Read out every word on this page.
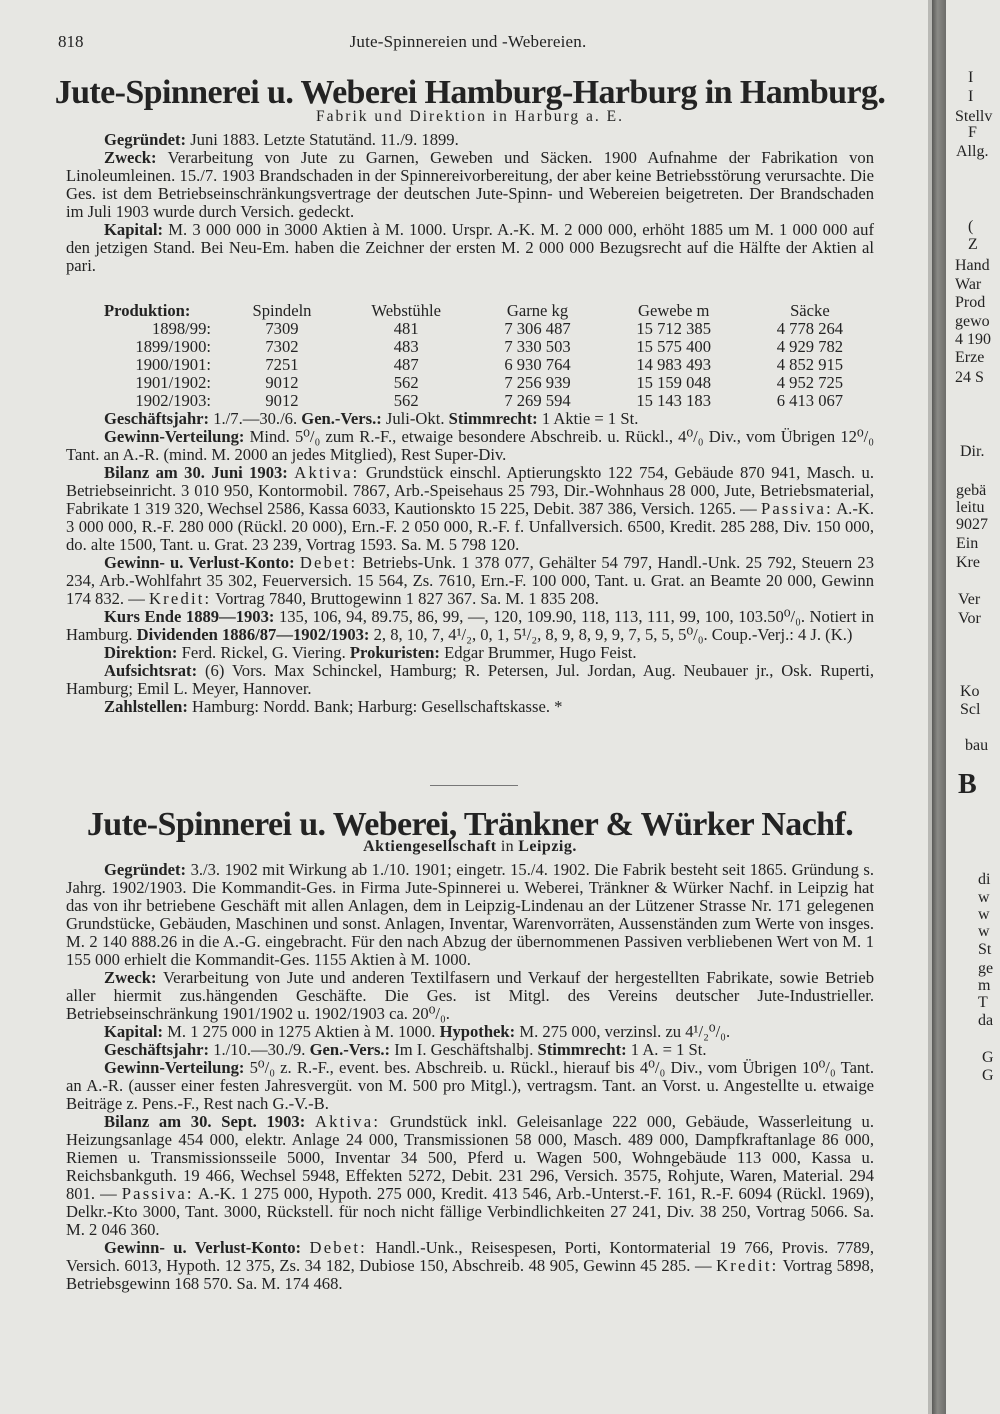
818	Jute-Spinnereien und -Webereien.
Jute-Spinnerei u. Weberei Hamburg-Harburg in Hamburg.
Fabrik und Direktion in Harburg a. E.

Gegründet: Juni 1883. Letzte Statutänd. 11./9. 1899.

Zweck: Verarbeitung von Jute zu Garnen, Geweben und Säcken. 1900 Aufnahme der Fabrikation von Linoleumleinen. 15./7. 1903 Brandschaden in der Spinnereivorbereitung, der aber keine Betriebsstörung verursachte. Die Ges. ist dem Betriebseinschränkungsvertrage der deutschen Jute-Spinn- und Webereien beigetreten. Der Brandschaden im Juli 1903 wurde durch Versich. gedeckt.

Kapital: M. 3 000 000 in 3000 Aktien à M. 1000. Urspr. A.-K. M. 2 000 000, erhöht 1885 um M. 1 000 000 auf den jetzigen Stand. Bei Neu-Em. haben die Zeichner der ersten M. 2 000 000 Bezugsrecht auf die Hälfte der Aktien al pari.

Produktion:	Spindeln	Webstühle	Garne kg	Gewebe m	Säcke
1898/99:	7309	481	7 306 487	15 712 385	4 778 264
1899/1900:	7302	483	7 330 503	15 575 400	4 929 782
1900/1901:	7251	487	6 930 764	14 983 493	4 852 915
1901/1902:	9012	562	7 256 939	15 159 048	4 952 725
1902/1903:	9012	562	7 269 594	15 143 183	6 413 067

Geschäftsjahr: 1./7.—30./6. Gen.-Vers.: Juli-Okt. Stimmrecht: 1 Aktie = 1 St.

Gewinn-Verteilung: Mind. 5⁰/₀ zum R.-F., etwaige besondere Abschreib. u. Rückl., 4⁰/₀ Div., vom Übrigen 12⁰/₀ Tant. an A.-R. (mind. M. 2000 an jedes Mitglied), Rest Super-Div.

Bilanz am 30. Juni 1903: Aktiva: Grundstück einschl. Aptierungskto 122 754, Gebäude 870 941, Masch. u. Betriebseinricht. 3 010 950, Kontormobil. 7867, Arb.-Speisehaus 25 793, Dir.-Wohnhaus 28 000, Jute, Betriebsmaterial, Fabrikate 1 319 320, Wechsel 2586, Kassa 6033, Kautionskto 15 225, Debit. 387 386, Versich. 1265. — Passiva: A.-K. 3 000 000, R.-F. 280 000 (Rückl. 20 000), Ern.-F. 2 050 000, R.-F. f. Unfallversich. 6500, Kredit. 285 288, Div. 150 000, do. alte 1500, Tant. u. Grat. 23 239, Vortrag 1593. Sa. M. 5 798 120.

Gewinn- u. Verlust-Konto: Debet: Betriebs-Unk. 1 378 077, Gehälter 54 797, Handl.-Unk. 25 792, Steuern 23 234, Arb.-Wohlfahrt 35 302, Feuerversich. 15 564, Zs. 7610, Ern.-F. 100 000, Tant. u. Grat. an Beamte 20 000, Gewinn 174 832. — Kredit: Vortrag 7840, Bruttogewinn 1 827 367. Sa. M. 1 835 208.

Kurs Ende 1889—1903: 135, 106, 94, 89.75, 86, 99, —, 120, 109.90, 118, 113, 111, 99, 100, 103.50⁰/₀. Notiert in Hamburg. Dividenden 1886/87—1902/1903: 2, 8, 10, 7, 4¹/₂, 0, 1, 5¹/₂, 8, 9, 8, 9, 9, 7, 5, 5, 5⁰/₀. Coup.-Verj.: 4 J. (K.)

Direktion: Ferd. Rickel, G. Viering. Prokuristen: Edgar Brummer, Hugo Feist.

Aufsichtsrat: (6) Vors. Max Schinckel, Hamburg; R. Petersen, Jul. Jordan, Aug. Neubauer jr., Osk. Ruperti, Hamburg; Emil L. Meyer, Hannover.

Zahlstellen: Hamburg: Nordd. Bank; Harburg: Gesellschaftskasse. *

Jute-Spinnerei u. Weberei, Tränkner & Würker Nachf.
Aktiengesellschaft in Leipzig.

Gegründet: 3./3. 1902 mit Wirkung ab 1./10. 1901; eingetr. 15./4. 1902. Die Fabrik besteht seit 1865. Gründung s. Jahrg. 1902/1903. Die Kommandit-Ges. in Firma Jute-Spinnerei u. Weberei, Tränkner & Würker Nachf. in Leipzig hat das von ihr betriebene Geschäft mit allen Anlagen, dem in Leipzig-Lindenau an der Lützener Strasse Nr. 171 gelegenen Grundstücke, Gebäuden, Maschinen und sonst. Anlagen, Inventar, Warenvorräten, Aussenständen zum Werte von insges. M. 2 140 888.26 in die A.-G. eingebracht. Für den nach Abzug der übernommenen Passiven verbliebenen Wert von M. 1 155 000 erhielt die Kommandit-Ges. 1155 Aktien à M. 1000.

Zweck: Verarbeitung von Jute und anderen Textilfasern und Verkauf der hergestellten Fabrikate, sowie Betrieb aller hiermit zus.hängenden Geschäfte. Die Ges. ist Mitgl. des Vereins deutscher Jute-Industrieller. Betriebseinschränkung 1901/1902 u. 1902/1903 ca. 20⁰/₀.

Kapital: M. 1 275 000 in 1275 Aktien à M. 1000. Hypothek: M. 275 000, verzinsl. zu 4¹/₂⁰/₀.

Geschäftsjahr: 1./10.—30./9. Gen.-Vers.: Im I. Geschäftshalbj. Stimmrecht: 1 A. = 1 St.

Gewinn-Verteilung: 5⁰/₀ z. R.-F., event. bes. Abschreib. u. Rückl., hierauf bis 4⁰/₀ Div., vom Übrigen 10⁰/₀ Tant. an A.-R. (ausser einer festen Jahresvergüt. von M. 500 pro Mitgl.), vertragsm. Tant. an Vorst. u. Angestellte u. etwaige Beiträge z. Pens.-F., Rest nach G.-V.-B.

Bilanz am 30. Sept. 1903: Aktiva: Grundstück inkl. Geleisanlage 222 000, Gebäude, Wasserleitung u. Heizungsanlage 454 000, elektr. Anlage 24 000, Transmissionen 58 000, Masch. 489 000, Dampfkraftanlage 86 000, Riemen u. Transmissionsseile 5000, Inventar 34 500, Pferd u. Wagen 500, Wohngebäude 113 000, Kassa u. Reichsbankguth. 19 466, Wechsel 5948, Effekten 5272, Debit. 231 296, Versich. 3575, Rohjute, Waren, Material. 294 801. — Passiva: A.-K. 1 275 000, Hypoth. 275 000, Kredit. 413 546, Arb.-Unterst.-F. 161, R.-F. 6094 (Rückl. 1969), Delkr.-Kto 3000, Tant. 3000, Rückstell. für noch nicht fällige Verbindlichkeiten 27 241, Div. 38 250, Vortrag 5066. Sa. M. 2 046 360.

Gewinn- u. Verlust-Konto: Debet: Handl.-Unk., Reisespesen, Porti, Kontormaterial 19 766, Provis. 7789, Versich. 6013, Hypoth. 12 375, Zs. 34 182, Dubiose 150, Abschreib. 48 905, Gewinn 45 285. — Kredit: Vortrag 5898, Betriebsgewinn 168 570. Sa. M. 174 468.

I
I
Stellv
F
Allg.
(
Z
Hand
War
Prod
gewo
4 190
Erze
24 S
Dir.
gebä
leitu
9027
Ein
Kre
Ver
Vor
Ko
Scl
bau
B
di
w
w
w
St
ge
m
T
da
G
G
